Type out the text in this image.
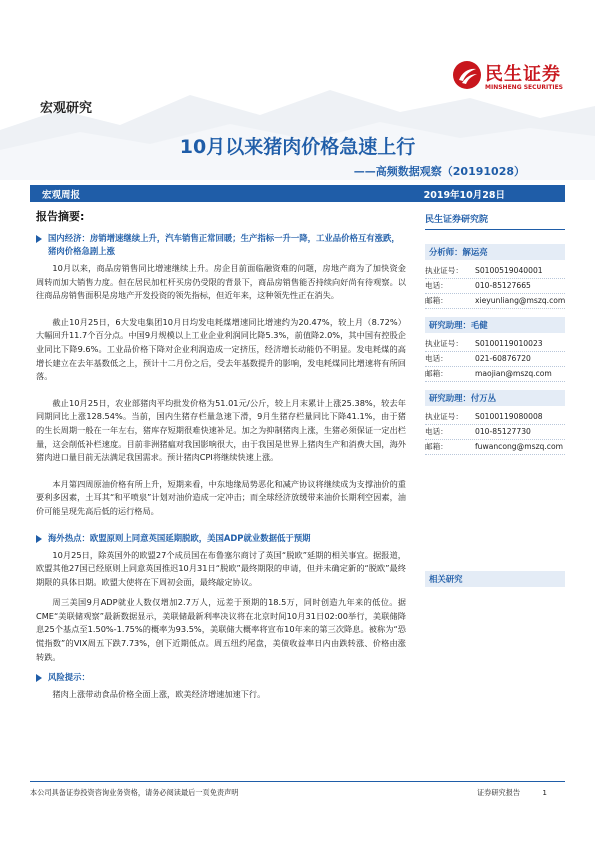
民生证券
MINSHENG SECURITIES
宏观研究
10月以来猪肉价格急速上行
——高频数据观察（20191028）
宏观周报	2019年10月28日
报告摘要:
国内经济：房销增速继续上升，汽车销售正常回暖；生产指标一升一降，工业品价格互有涨跌，猪肉价格急剧上涨

10月以来，商品房销售同比增速继续上升。房企目前面临融资难的问题，房地产商为了加快资金周转而加大销售力度。但在居民加杠杆买房仍受限的背景下，商品房销售能否持续向好尚有待观察。以往商品房销售面积是房地产开发投资的领先指标，但近年来，这种领先性正在消失。

截止10月25日，6大发电集团10月日均发电耗煤增速同比增速约为20.47%，较上月（8.72%）大幅回升11.7个百分点。中国9月规模以上工业企业利润同比降5.3%，前值降2.0%，其中国有控股企业同比下降9.6%。工业品价格下降对企业利润造成一定挤压，经济增长动能仍不明显。发电耗煤的高增长建立在去年基数低之上，预计十二月份之后，受去年基数提升的影响，发电耗煤同比增速将有所回落。

截止10月25日，农业部猪肉平均批发价格为51.01元/公斤，较上月末累计上涨25.38%，较去年同期同比上涨128.54%。当前，国内生猪存栏量急速下滑，9月生猪存栏量同比下降41.1%，由于猪的生长周期一般在一年左右，猪库存短期很难快速补足。加之为抑制猪肉上涨，生猪必须保证一定出栏量，这会削低补栏速度。目前非洲猪瘟对我国影响很大，由于我国是世界上猪肉生产和消费大国，海外猪肉进口量目前无法满足我国需求。预计猪肉CPI将继续快速上涨。

本月第四周原油价格有所上升，短期来看，中东地缘局势恶化和减产协议将继续成为支撑油价的重要利多因素，土耳其“和平喷泉”计划对油价造成一定冲击；而全球经济放缓带来油价长期利空因素，油价可能呈现先高后低的运行格局。

海外热点：欧盟原则上同意英国延期脱欧，美国ADP就业数据低于预期

10月25日，除英国外的欧盟27个成员国在布鲁塞尔商讨了英国“脱欧”延期的相关事宜。据报道，欧盟其他27国已经原则上同意英国推迟10月31日“脱欧”最终期限的申请，但并未确定新的“脱欧”最终期限的具体日期。欧盟大使将在下周初会面，最终敲定协议。

周三美国9月ADP就业人数仅增加2.7万人，远差于预期的18.5万，同时创造九年来的低位。据CME“美联储观察”最新数据显示，美联储最新利率决议将在北京时间10月31日02:00举行，美联储降息25个基点至1.50%-1.75%的概率为93.5%，美联储大概率将宣布10年来的第三次降息。被称为“恐慌指数”的VIX周五下跌7.73%，创下近期低点。周五纽约尾盘，美债收益率日内由跌转涨、价格由涨转跌。

风险提示：

猪肉上涨带动食品价格全面上涨，欧美经济增速加速下行。

民生证券研究院
分析师：解运亮
执业证号：	S0100519040001
电话：	010-85127665
邮箱：	xieyunliang@mszq.com
研究助理：毛健
执业证号：	S0100119010023
电话：	021-60876720
邮箱：	maojian@mszq.com
研究助理：付万丛
执业证号：	S0100119080008
电话：	010-85127730
邮箱：	fuwancong@mszq.com
相关研究
本公司具备证券投资咨询业务资格，请务必阅读最后一页免责声明	证券研究报告	1
